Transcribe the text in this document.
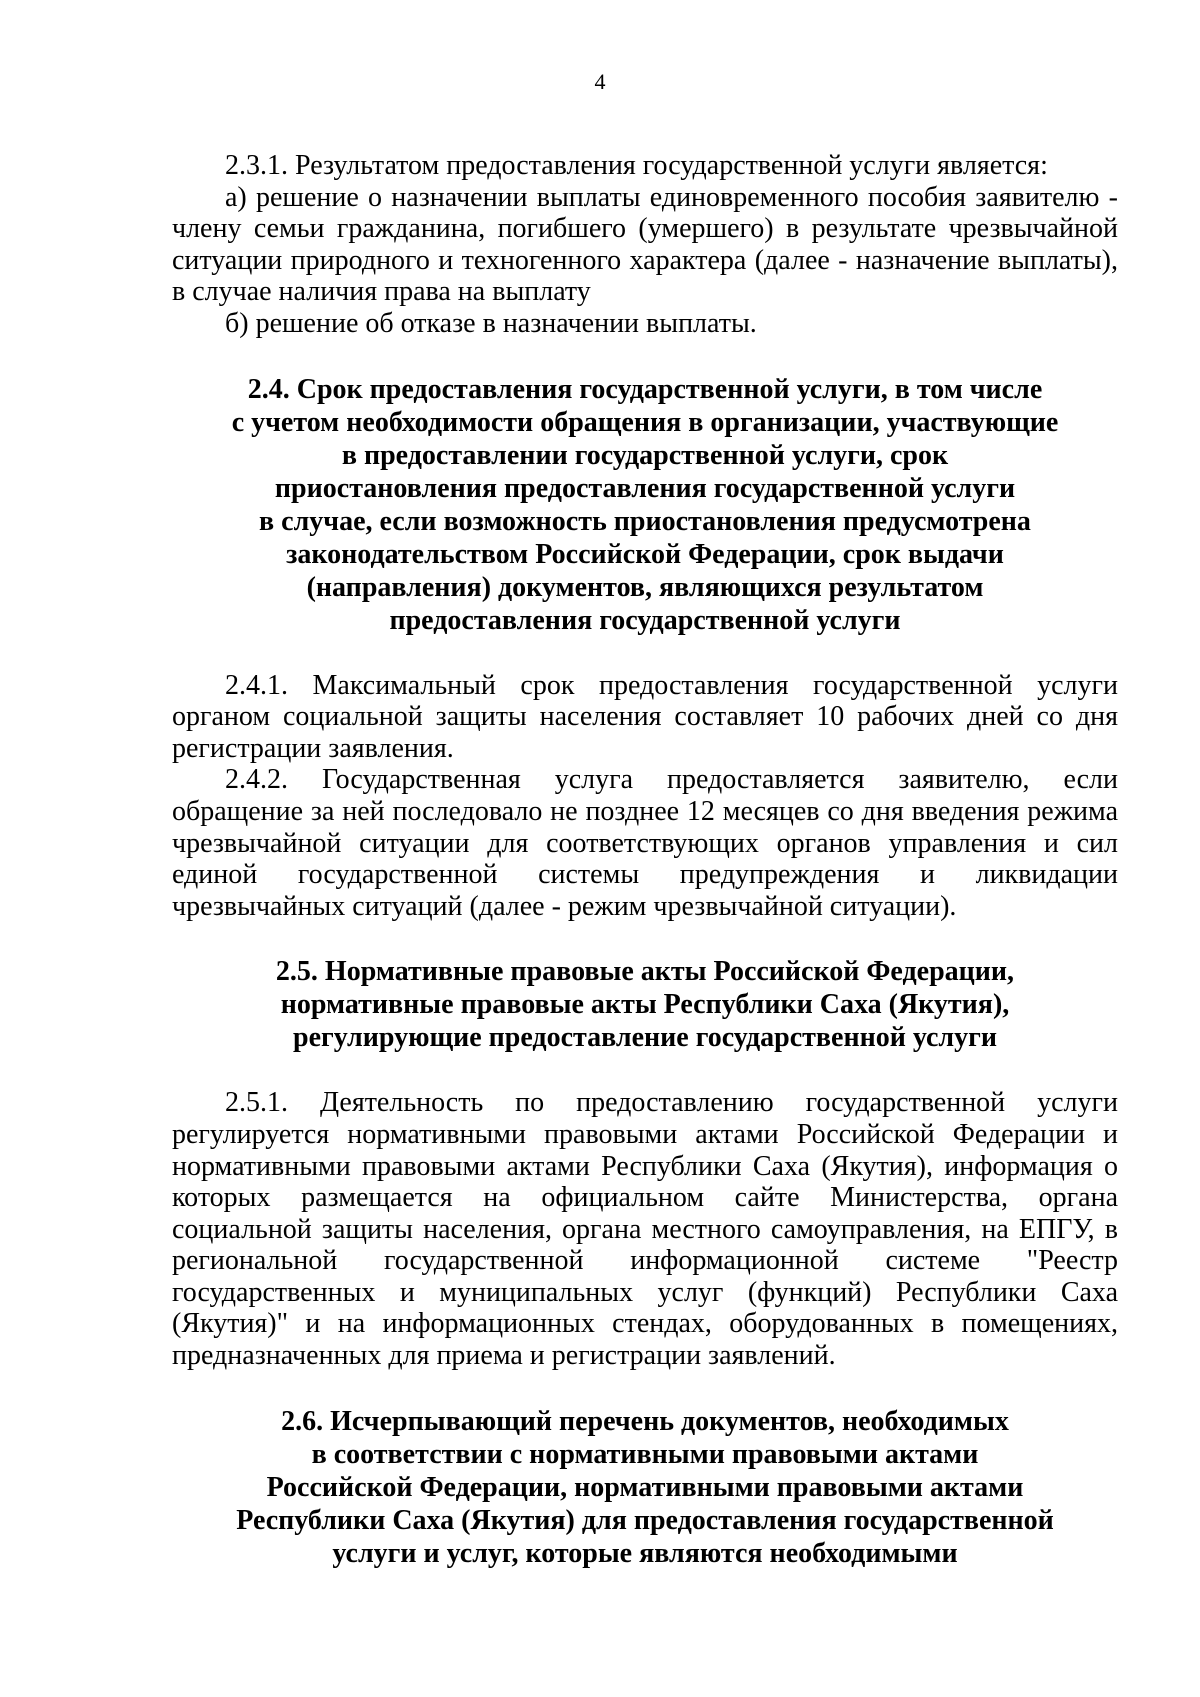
4

2.3.1. Результатом предоставления государственной услуги является:

а) решение о назначении выплаты единовременного пособия заявителю - члену семьи гражданина, погибшего (умершего) в результате чрезвычайной ситуации природного и техногенного характера (далее - назначение выплаты), в случае наличия права на выплату

б) решение об отказе в назначении выплаты.

2.4. Срок предоставления государственной услуги, в том числе
с учетом необходимости обращения в организации, участвующие
в предоставлении государственной услуги, срок
приостановления предоставления государственной услуги
в случае, если возможность приостановления предусмотрена
законодательством Российской Федерации, срок выдачи
(направления) документов, являющихся результатом
предоставления государственной услуги

2.4.1. Максимальный срок предоставления государственной услуги органом социальной защиты населения составляет 10 рабочих дней со дня регистрации заявления.

2.4.2. Государственная услуга предоставляется заявителю, если обращение за ней последовало не позднее 12 месяцев со дня введения режима чрезвычайной ситуации для соответствующих органов управления и сил единой государственной системы предупреждения и ликвидации чрезвычайных ситуаций (далее - режим чрезвычайной ситуации).

2.5. Нормативные правовые акты Российской Федерации,
нормативные правовые акты Республики Саха (Якутия),
регулирующие предоставление государственной услуги

2.5.1. Деятельность по предоставлению государственной услуги регулируется нормативными правовыми актами Российской Федерации и нормативными правовыми актами Республики Саха (Якутия), информация о которых размещается на официальном сайте Министерства, органа социальной защиты населения, органа местного самоуправления, на ЕПГУ, в региональной государственной информационной системе "Реестр государственных и муниципальных услуг (функций) Республики Саха (Якутия)" и на информационных стендах, оборудованных в помещениях, предназначенных для приема и регистрации заявлений.

2.6. Исчерпывающий перечень документов, необходимых
в соответствии с нормативными правовыми актами
Российской Федерации, нормативными правовыми актами
Республики Саха (Якутия) для предоставления государственной
услуги и услуг, которые являются необходимыми
